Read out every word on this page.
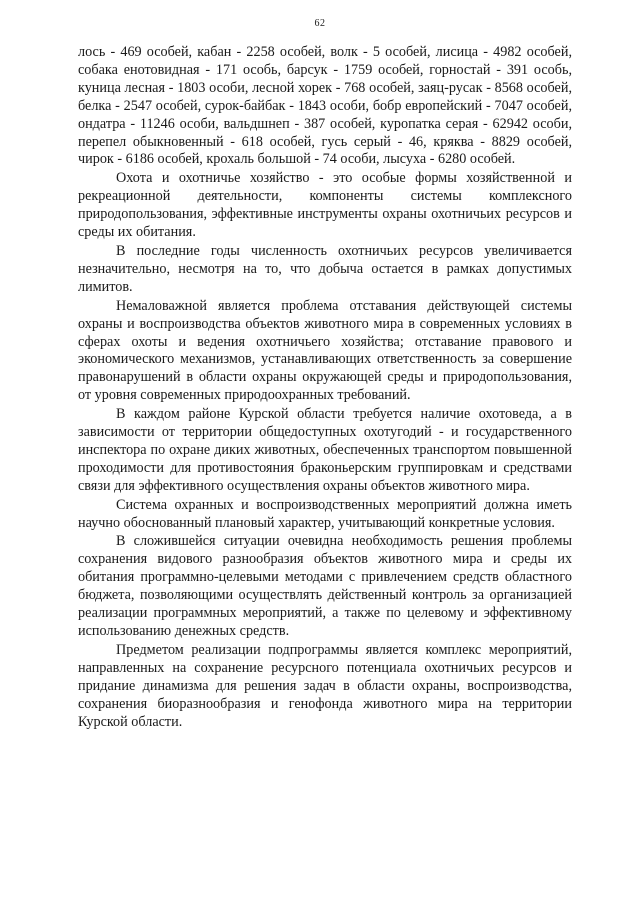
62

лось - 469 особей, кабан - 2258 особей, волк - 5 особей, лисица - 4982 особей, собака енотовидная - 171 особь, барсук - 1759 особей, горностай - 391 особь, куница лесная - 1803 особи, лесной хорек - 768 особей, заяц-русак - 8568 особей, белка - 2547 особей, сурок-байбак - 1843 особи, бобр европейский - 7047 особей, ондатра - 11246 особи, вальдшнеп - 387 особей, куропатка серая - 62942 особи, перепел обыкновенный - 618 особей, гусь серый - 46, кряква - 8829 особей, чирок - 6186 особей, крохаль большой - 74 особи, лысуха - 6280 особей.

Охота и охотничье хозяйство - это особые формы хозяйственной и рекреационной деятельности, компоненты системы комплексного природопользования, эффективные инструменты охраны охотничьих ресурсов и среды их обитания.

В последние годы численность охотничьих ресурсов увеличивается незначительно, несмотря на то, что добыча остается в рамках допустимых лимитов.

Немаловажной является проблема отставания действующей системы охраны и воспроизводства объектов животного мира в современных условиях в сферах охоты и ведения охотничьего хозяйства; отставание правового и экономического механизмов, устанавливающих ответственность за совершение правонарушений в области охраны окружающей среды и природопользования, от уровня современных природоохранных требований.

В каждом районе Курской области требуется наличие охотоведа, а в зависимости от территории общедоступных охотугодий - и государственного инспектора по охране диких животных, обеспеченных транспортом повышенной проходимости для противостояния браконьерским группировкам и средствами связи для эффективного осуществления охраны объектов животного мира.

Система охранных и воспроизводственных мероприятий должна иметь научно обоснованный плановый характер, учитывающий конкретные условия.

В сложившейся ситуации очевидна необходимость решения проблемы сохранения видового разнообразия объектов животного мира и среды их обитания программно-целевыми методами с привлечением средств областного бюджета, позволяющими осуществлять действенный контроль за организацией реализации программных мероприятий, а также по целевому и эффективному использованию денежных средств.

Предметом реализации подпрограммы является комплекс мероприятий, направленных на сохранение ресурсного потенциала охотничьих ресурсов и придание динамизма для решения задач в области охраны, воспроизводства, сохранения биоразнообразия и генофонда животного мира на территории Курской области.
